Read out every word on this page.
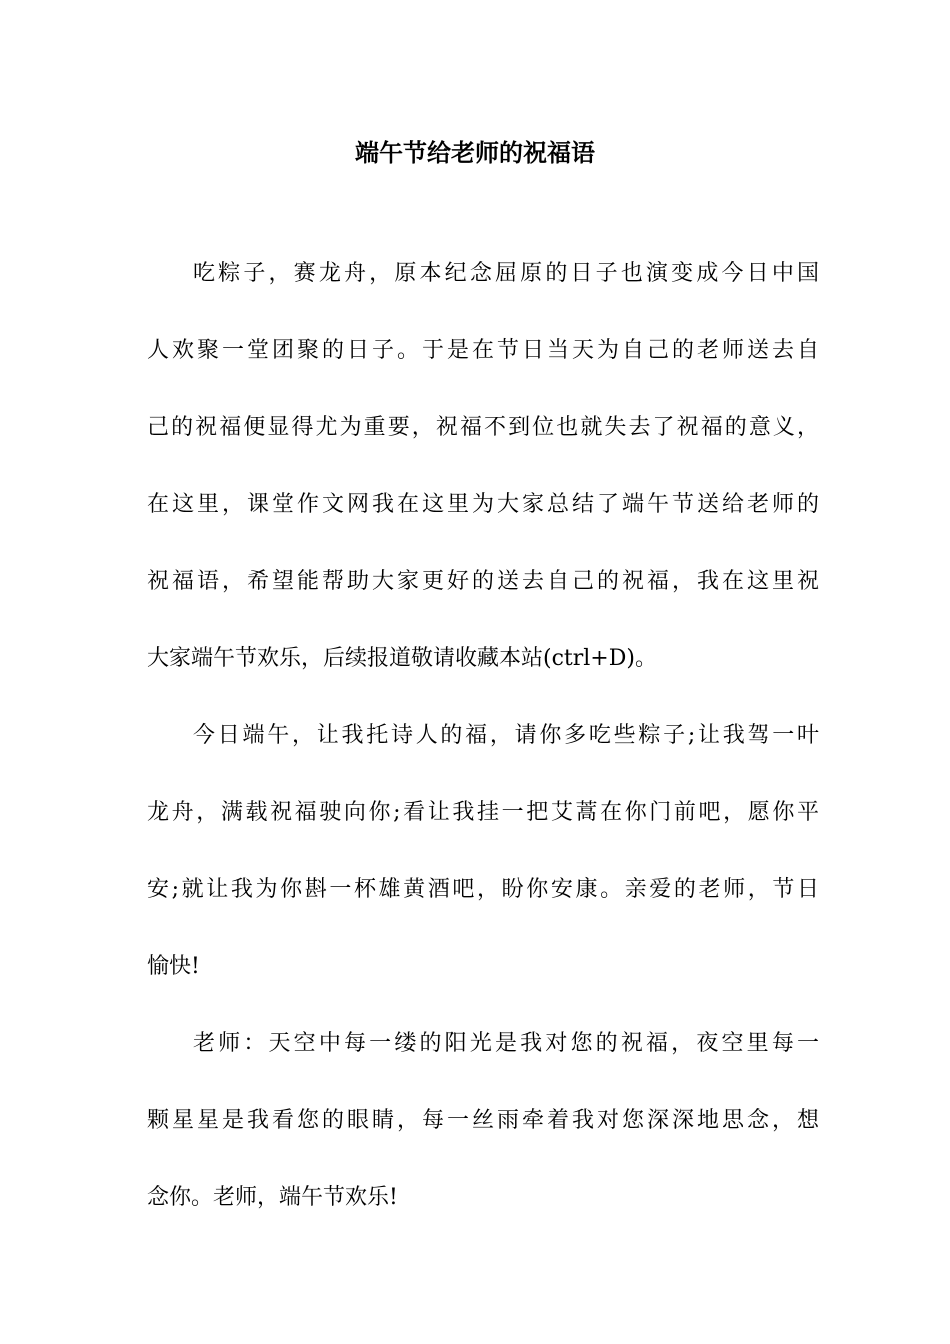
端午节给老师的祝福语
吃粽子，赛龙舟，原本纪念屈原的日子也演变成今日中国
人欢聚一堂团聚的日子。于是在节日当天为自己的老师送去自
己的祝福便显得尤为重要，祝福不到位也就失去了祝福的意义，
在这里，课堂作文网我在这里为大家总结了端午节送给老师的
祝福语，希望能帮助大家更好的送去自己的祝福，我在这里祝
大家端午节欢乐，后续报道敬请收藏本站(ctrl+D)。
今日端午，让我托诗人的福，请你多吃些粽子;让我驾一叶
龙舟，满载祝福驶向你;看让我挂一把艾蒿在你门前吧，愿你平
安;就让我为你斟一杯雄黄酒吧，盼你安康。亲爱的老师，节日
愉快!
老师：天空中每一缕的阳光是我对您的祝福，夜空里每一
颗星星是我看您的眼睛，每一丝雨牵着我对您深深地思念，想
念你。老师，端午节欢乐!
